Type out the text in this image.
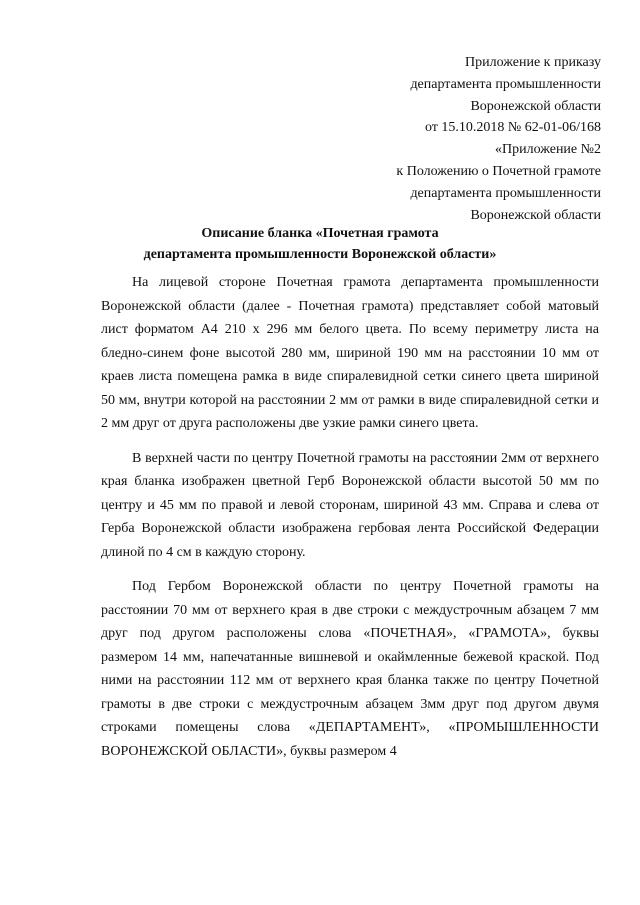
Приложение к приказу
департамента промышленности
Воронежской области
от 15.10.2018 № 62-01-06/168
«Приложение №2
к Положению о Почетной грамоте
департамента промышленности
Воронежской области
Описание бланка «Почетная грамота
департамента промышленности Воронежской области»

На лицевой стороне Почетная грамота департамента промышленности Воронежской области (далее - Почетная грамота) представляет собой матовый лист форматом А4 210 х 296 мм белого цвета. По всему периметру листа на бледно-синем фоне высотой 280 мм, шириной 190 мм на расстоянии 10 мм от краев листа помещена рамка в виде спиралевидной сетки синего цвета шириной 50 мм, внутри которой на расстоянии 2 мм от рамки в виде спиралевидной сетки и 2 мм друг от друга расположены две узкие рамки синего цвета.

В верхней части по центру Почетной грамоты на расстоянии 2мм от верхнего края бланка изображен цветной Герб Воронежской области высотой 50 мм по центру и 45 мм по правой и левой сторонам, шириной 43 мм. Справа и слева от Герба Воронежской области изображена гербовая лента Российской Федерации длиной по 4 см в каждую сторону.

Под Гербом Воронежской области по центру Почетной грамоты на расстоянии 70 мм от верхнего края в две строки с междустрочным абзацем 7 мм друг под другом расположены слова «ПОЧЕТНАЯ», «ГРАМОТА», буквы размером 14 мм, напечатанные вишневой и окаймленные бежевой краской. Под ними на расстоянии 112 мм от верхнего края бланка также по центру Почетной грамоты в две строки с междустрочным абзацем 3мм друг под другом двумя строками помещены слова «ДЕПАРТАМЕНТ», «ПРОМЫШЛЕННОСТИ ВОРОНЕЖСКОЙ ОБЛАСТИ», буквы размером 4
